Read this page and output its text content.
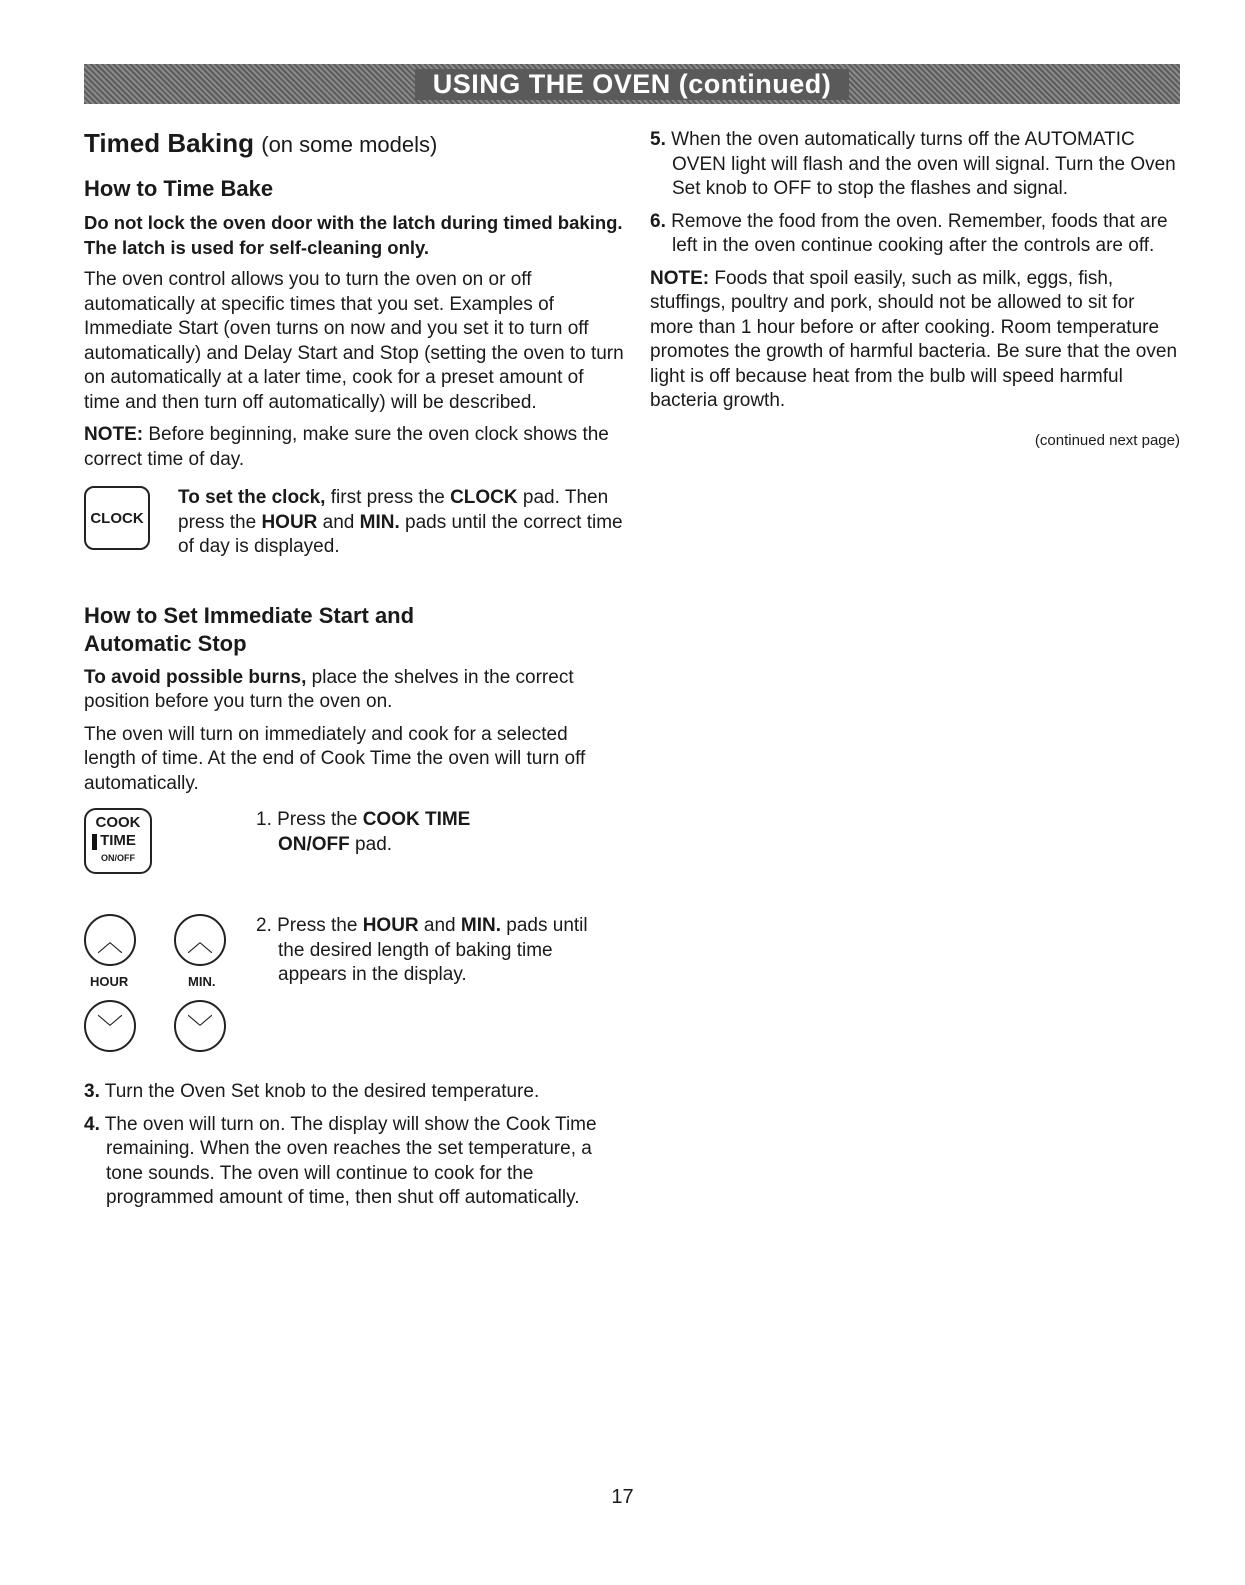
USING THE OVEN (continued)
Timed Baking (on some models)
How to Time Bake

Do not lock the oven door with the latch during timed baking. The latch is used for self-cleaning only.

The oven control allows you to turn the oven on or off automatically at specific times that you set. Examples of Immediate Start (oven turns on now and you set it to turn off automatically) and Delay Start and Stop (setting the oven to turn on automatically at a later time, cook for a preset amount of time and then turn off automatically) will be described.

NOTE: Before beginning, make sure the oven clock shows the correct time of day.

CLOCK

To set the clock, first press the CLOCK pad. Then press the HOUR and MIN. pads until the correct time of day is displayed.

How to Set Immediate Start and
Automatic Stop

To avoid possible burns, place the shelves in the correct position before you turn the oven on.

The oven will turn on immediately and cook for a selected length of time. At the end of Cook Time the oven will turn off automatically.

COOK
TIME
ON/OFF

1. Press the COOK TIME ON/OFF pad.

︿	︿
HOUR	MIN.
﹀	﹀

2. Press the HOUR and MIN. pads until the desired length of baking time appears in the display.

3. Turn the Oven Set knob to the desired temperature.

4. The oven will turn on. The display will show the Cook Time remaining. When the oven reaches the set temperature, a tone sounds. The oven will continue to cook for the programmed amount of time, then shut off automatically.

5. When the oven automatically turns off the AUTOMATIC OVEN light will flash and the oven will signal. Turn the Oven Set knob to OFF to stop the flashes and signal.

6. Remove the food from the oven. Remember, foods that are left in the oven continue cooking after the controls are off.

NOTE: Foods that spoil easily, such as milk, eggs, fish, stuffings, poultry and pork, should not be allowed to sit for more than 1 hour before or after cooking. Room temperature promotes the growth of harmful bacteria. Be sure that the oven light is off because heat from the bulb will speed harmful bacteria growth.

(continued next page)
17
